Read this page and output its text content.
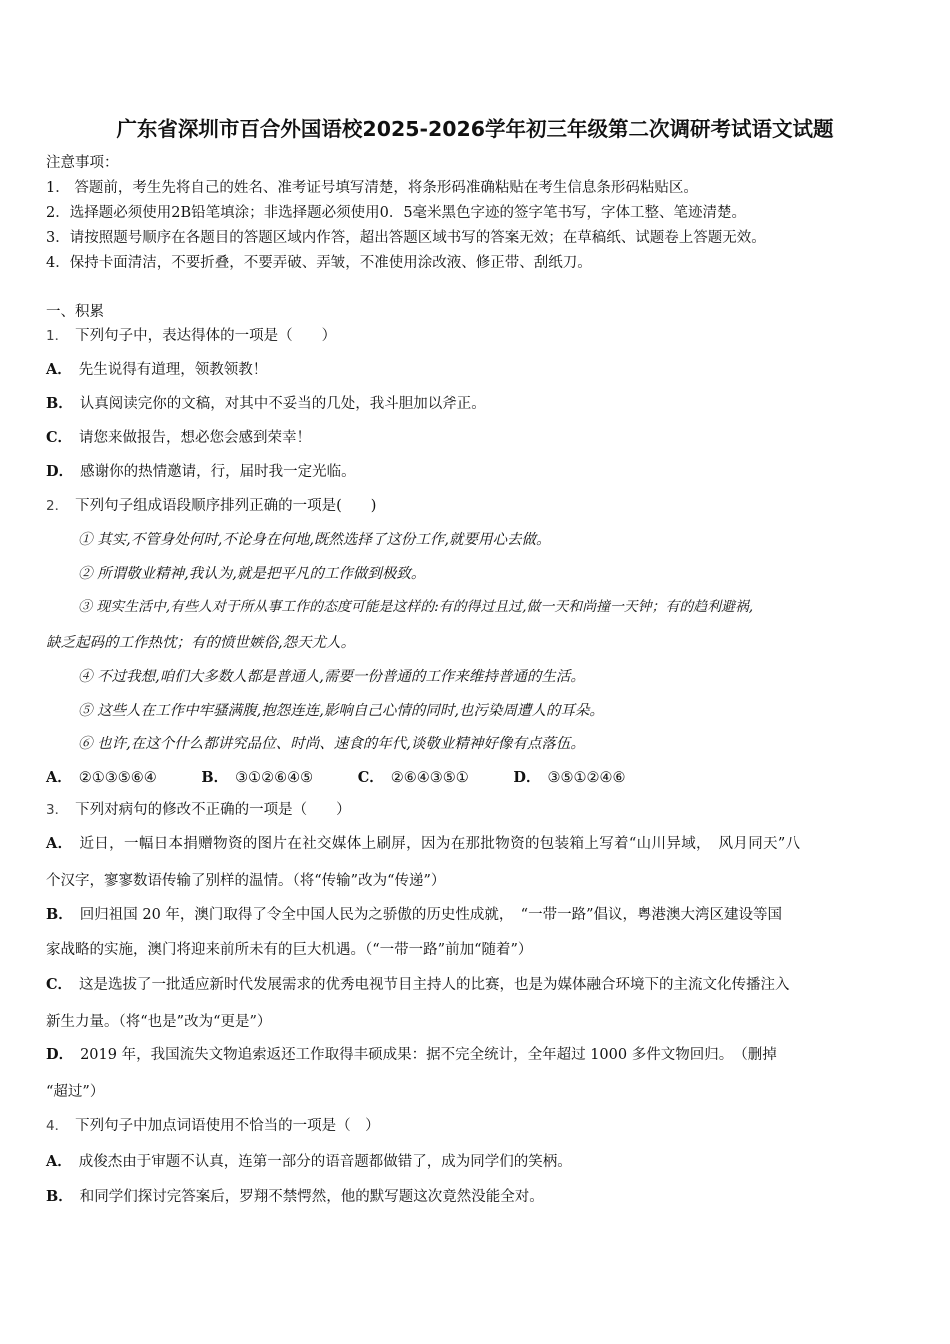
广东省深圳市百合外国语校2025-2026学年初三年级第二次调研考试语文试题
注意事项：
1． 答题前，考生先将自己的姓名、准考证号填写清楚，将条形码准确粘贴在考生信息条形码粘贴区。
2．选择题必须使用2B铅笔填涂；非选择题必须使用0．5毫米黑色字迹的签字笔书写，字体工整、笔迹清楚。
3．请按照题号顺序在各题目的答题区域内作答，超出答题区域书写的答案无效；在草稿纸、试题卷上答题无效。
4．保持卡面清洁，不要折叠，不要弄破、弄皱，不准使用涂改液、修正带、刮纸刀。
一、积累
1． 下列句子中，表达得体的一项是（　　）
A． 先生说得有道理，领教领教！
B． 认真阅读完你的文稿，对其中不妥当的几处，我斗胆加以斧正。
C． 请您来做报告，想必您会感到荣幸！
D． 感谢你的热情邀请，行，届时我一定光临。
2． 下列句子组成语段顺序排列正确的一项是(　　)
① 其实,不管身处何时,不论身在何地,既然选择了这份工作,就要用心去做。
② 所谓敬业精神,我认为,就是把平凡的工作做到极致。
③ 现实生活中,有些人对于所从事工作的态度可能是这样的:有的得过且过,做一天和尚撞一天钟；有的趋利避祸,
缺乏起码的工作热忱；有的愤世嫉俗,怨天尤人。
④ 不过我想,咱们大多数人都是普通人,需要一份普通的工作来维持普通的生活。
⑤ 这些人在工作中牢骚满腹,抱怨连连,影响自己心情的同时,也污染周遭人的耳朵。
⑥ 也许,在这个什么都讲究品位、时尚、速食的年代,谈敬业精神好像有点落伍。
A． ②①③⑤⑥④	B． ③①②⑥④⑤	C． ②⑥④③⑤①	D． ③⑤①②④⑥
3． 下列对病句的修改不正确的一项是（　　）
A． 近日，一幅日本捐赠物资的图片在社交媒体上刷屏，因为在那批物资的包装箱上写着“山川异域，　风月同天”八
个汉字，寥寥数语传输了别样的温情。（将“传输”改为“传递”）
B． 回归祖国 20 年，澳门取得了令全中国人民为之骄傲的历史性成就，　“一带一路”倡议，粤港澳大湾区建设等国
家战略的实施，澳门将迎来前所未有的巨大机遇。（“一带一路”前加“随着”）
C． 这是选拔了一批适应新时代发展需求的优秀电视节目主持人的比赛，也是为媒体融合环境下的主流文化传播注入
新生力量。（将“也是”改为“更是”）
D． 2019 年，我国流失文物追索返还工作取得丰硕成果：据不完全统计，全年超过 1000 多件文物回归。　（删掉
“超过”）
4． 下列句子中加点词语使用不恰当的一项是（　）
A． 成俊杰由于审题不认真，连第一部分的语音题都做错了，成为同学们的笑柄。
B． 和同学们探讨完答案后，罗翔不禁愕然，他的默写题这次竟然没能全对。
